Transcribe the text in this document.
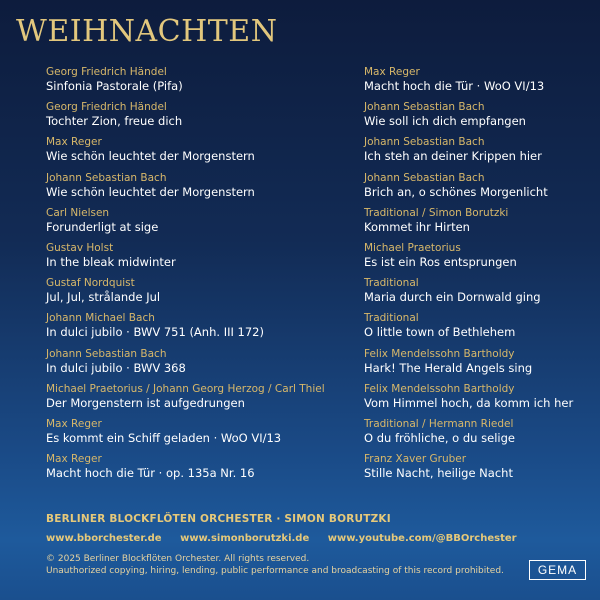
WEIHNACHTEN
Georg Friedrich Händel
Sinfonia Pastorale (Pifa)
Georg Friedrich Händel
Tochter Zion, freue dich
Max Reger
Wie schön leuchtet der Morgenstern
Johann Sebastian Bach
Wie schön leuchtet der Morgenstern
Carl Nielsen
Forunderligt at sige
Gustav Holst
In the bleak midwinter
Gustaf Nordquist
Jul, Jul, strålande Jul
Johann Michael Bach
In dulci jubilo · BWV 751 (Anh. III 172)
Johann Sebastian Bach
In dulci jubilo · BWV 368
Michael Praetorius / Johann Georg Herzog / Carl Thiel
Der Morgenstern ist aufgedrungen
Max Reger
Es kommt ein Schiff geladen · WoO VI/13
Max Reger
Macht hoch die Tür · op. 135a Nr. 16
Max Reger
Macht hoch die Tür · WoO VI/13
Johann Sebastian Bach
Wie soll ich dich empfangen
Johann Sebastian Bach
Ich steh an deiner Krippen hier
Johann Sebastian Bach
Brich an, o schönes Morgenlicht
Traditional / Simon Borutzki
Kommet ihr Hirten
Michael Praetorius
Es ist ein Ros entsprungen
Traditional
Maria durch ein Dornwald ging
Traditional
O little town of Bethlehem
Felix Mendelssohn Bartholdy
Hark! The Herald Angels sing
Felix Mendelssohn Bartholdy
Vom Himmel hoch, da komm ich her
Traditional / Hermann Riedel
O du fröhliche, o du selige
Franz Xaver Gruber
Stille Nacht, heilige Nacht
BERLINER BLOCKFLÖTEN ORCHESTER · SIMON BORUTZKI
www.bborchester.de www.simonborutzki.de www.youtube.com/@BBOrchester
© 2025 Berliner Blockflöten Orchester. All rights reserved.
Unauthorized copying, hiring, lending, public performance and broadcasting of this record prohibited.	GEMA
